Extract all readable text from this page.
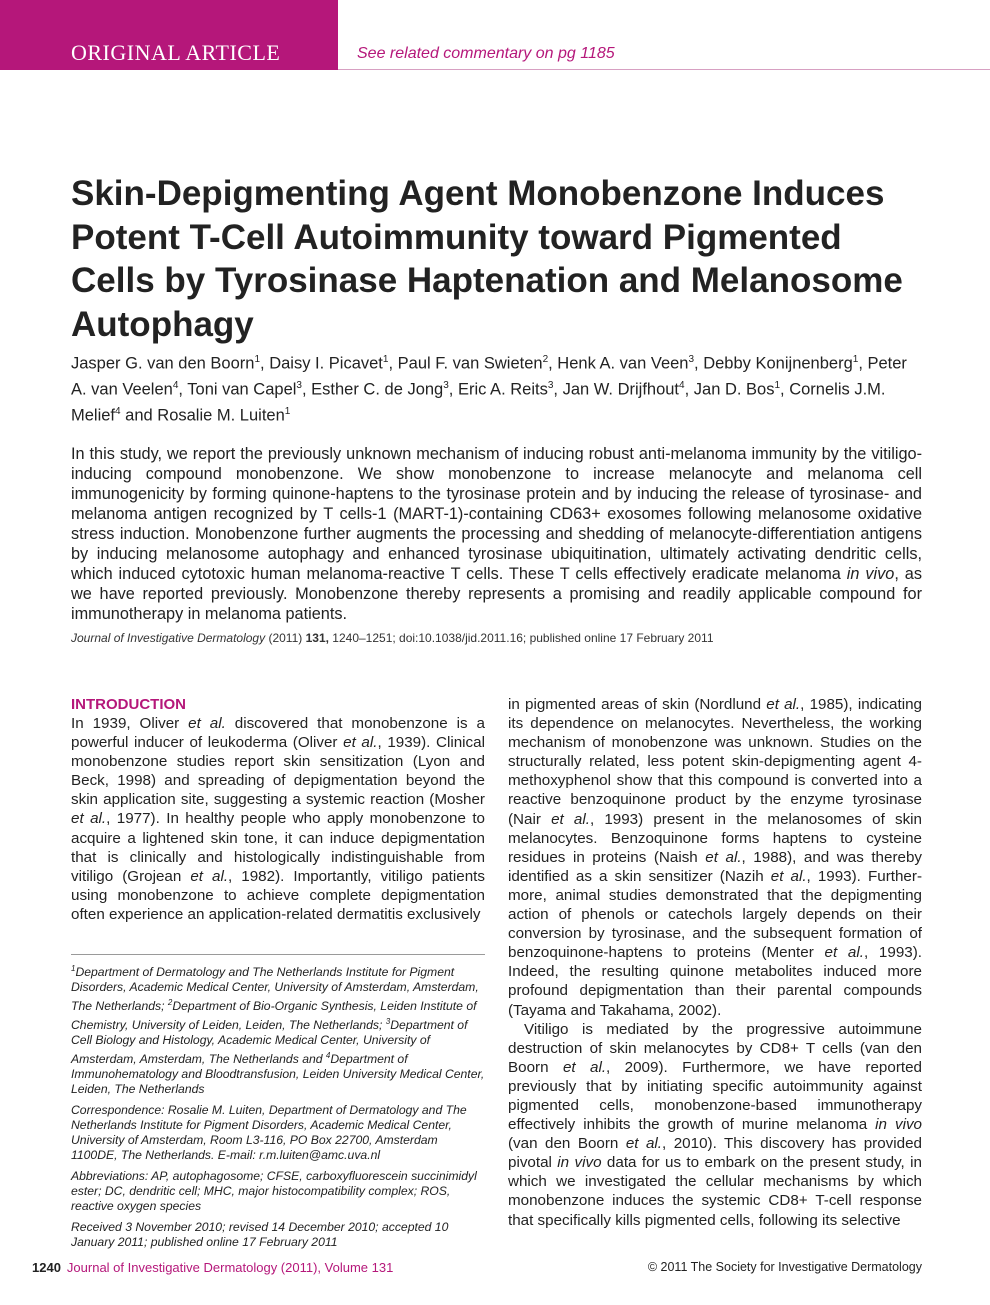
ORIGINAL ARTICLE	See related commentary on pg 1185
Skin-Depigmenting Agent Monobenzone Induces Potent T-Cell Autoimmunity toward Pigmented Cells by Tyrosinase Haptenation and Melanosome Autophagy
Jasper G. van den Boorn$^1$, Daisy I. Picavet$^1$, Paul F. van Swieten$^2$, Henk A. van Veen$^3$, Debby Konijnenberg$^1$, Peter A. van Veelen$^4$, Toni van Capel$^3$, Esther C. de Jong$^3$, Eric A. Reits$^3$, Jan W. Drijfhout$^4$, Jan D. Bos$^1$, Cornelis J.M. Melief$^4$ and Rosalie M. Luiten$^1$
In this study, we report the previously unknown mechanism of inducing robust anti-melanoma immunity by the vitiligo-inducing compound monobenzone. We show monobenzone to increase melanocyte and melanoma cell immunogenicity by forming quinone-haptens to the tyrosinase protein and by inducing the release of tyrosinase- and melanoma antigen recognized by T cells-1 (MART-1)-containing CD63+ exosomes following melanosome oxidative stress induction. Monobenzone further augments the processing and shedding of melanocyte-differentiation antigens by inducing melanosome autophagy and enhanced tyrosinase ubiquitination, ultimately activating dendritic cells, which induced cytotoxic human melanoma-reactive T cells. These T cells effectively eradicate melanoma in vivo, as we have reported previously. Monobenzone thereby represents a promising and readily applicable compound for immunotherapy in melanoma patients.
Journal of Investigative Dermatology (2011) 131, 1240–1251; doi:10.1038/jid.2011.16; published online 17 February 2011
INTRODUCTION

In 1939, Oliver et al. discovered that monobenzone is a powerful inducer of leukoderma (Oliver et al., 1939). Clinical monobenzone studies report skin sensitization (Lyon and Beck, 1998) and spreading of depigmentation beyond the skin application site, suggesting a systemic reaction (Mosher et al., 1977). In healthy people who apply monobenzone to acquire a lightened skin tone, it can induce depigmentation that is clinically and histologically indistinguishable from vitiligo (Grojean et al., 1982). Importantly, vitiligo patients using monobenzone to achieve complete depigmentation often experience an application-related dermatitis exclusively

in pigmented areas of skin (Nordlund et al., 1985), indicating its dependence on melanocytes. Nevertheless, the working mechanism of monobenzone was unknown. Studies on the structurally related, less potent skin-depigmenting agent 4-methoxyphenol show that this compound is converted into a reactive benzoquinone product by the enzyme tyrosinase (Nair et al., 1993) present in the melanosomes of skin melanocytes. Benzoquinone forms haptens to cysteine residues in proteins (Naish et al., 1988), and was thereby identified as a skin sensitizer (Nazih et al., 1993). Furthermore, animal studies demonstrated that the depigmenting action of phenols or catechols largely depends on their conversion by tyrosinase, and the subsequent formation of benzoquinone-haptens to proteins (Menter et al., 1993). Indeed, the resulting quinone metabolites induced more profound depigmentation than their parental compounds (Tayama and Takahama, 2002).

Vitiligo is mediated by the progressive autoimmune destruction of skin melanocytes by CD8+ T cells (van den Boorn et al., 2009). Furthermore, we have reported previously that by initiating specific autoimmunity against pigmented cells, monobenzone-based immunotherapy effectively inhibits the growth of murine melanoma in vivo (van den Boorn et al., 2010). This discovery has provided pivotal in vivo data for us to embark on the present study, in which we investigated the cellular mechanisms by which monobenzone induces the systemic CD8+ T-cell response that specifically kills pigmented cells, following its selective

$^1$Department of Dermatology and The Netherlands Institute for Pigment Disorders, Academic Medical Center, University of Amsterdam, Amsterdam, The Netherlands; $^2$Department of Bio-Organic Synthesis, Leiden Institute of Chemistry, University of Leiden, Leiden, The Netherlands; $^3$Department of Cell Biology and Histology, Academic Medical Center, University of Amsterdam, Amsterdam, The Netherlands and $^4$Department of Immunohematology and Bloodtransfusion, Leiden University Medical Center, Leiden, The Netherlands

Correspondence: Rosalie M. Luiten, Department of Dermatology and The Netherlands Institute for Pigment Disorders, Academic Medical Center, University of Amsterdam, Room L3-116, PO Box 22700, Amsterdam 1100DE, The Netherlands. E-mail: r.m.luiten@amc.uva.nl

Abbreviations: AP, autophagosome; CFSE, carboxyfluorescein succinimidyl ester; DC, dendritic cell; MHC, major histocompatibility complex; ROS, reactive oxygen species

Received 3 November 2010; revised 14 December 2010; accepted 10 January 2011; published online 17 February 2011

1240 Journal of Investigative Dermatology (2011), Volume 131	© 2011 The Society for Investigative Dermatology
